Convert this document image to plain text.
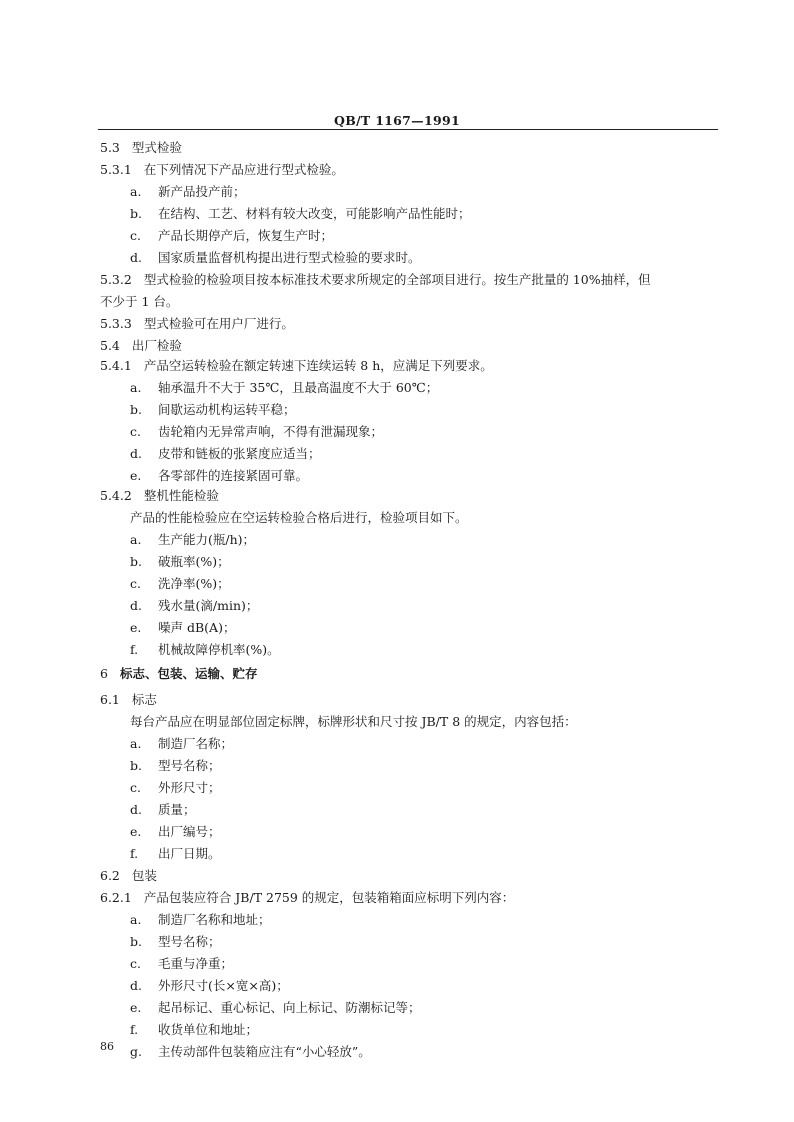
QB/T 1167—1991
5.3 型式检验
5.3.1 在下列情况下产品应进行型式检验。
a. 新产品投产前；
b. 在结构、工艺、材料有较大改变，可能影响产品性能时；
c. 产品长期停产后，恢复生产时；
d. 国家质量监督机构提出进行型式检验的要求时。
5.3.2 型式检验的检验项目按本标准技术要求所规定的全部项目进行。按生产批量的 10%抽样，但
不少于 1 台。
5.3.3 型式检验可在用户厂进行。
5.4 出厂检验
5.4.1 产品空运转检验在额定转速下连续运转 8 h，应满足下列要求。
a. 轴承温升不大于 35℃，且最高温度不大于 60℃；
b. 间歇运动机构运转平稳；
c. 齿轮箱内无异常声响，不得有泄漏现象；
d. 皮带和链板的张紧度应适当；
e. 各零部件的连接紧固可靠。
5.4.2 整机性能检验
产品的性能检验应在空运转检验合格后进行，检验项目如下。
a. 生产能力(瓶/h)；
b. 破瓶率(%)；
c. 洗净率(%)；
d. 残水量(滴/min)；
e. 噪声 dB(A)；
f. 机械故障停机率(%)。
6 标志、包装、运输、贮存
6.1 标志
每台产品应在明显部位固定标牌，标牌形状和尺寸按 JB/T 8 的规定，内容包括：
a. 制造厂名称；
b. 型号名称；
c. 外形尺寸；
d. 质量；
e. 出厂编号；
f. 出厂日期。
6.2 包装
6.2.1 产品包装应符合 JB/T 2759 的规定，包装箱箱面应标明下列内容：
a. 制造厂名称和地址；
b. 型号名称；
c. 毛重与净重；
d. 外形尺寸(长×宽×高)；
e. 起吊标记、重心标记、向上标记、防潮标记等；
f. 收货单位和地址；
g. 主传动部件包装箱应注有“小心轻放”。
86
